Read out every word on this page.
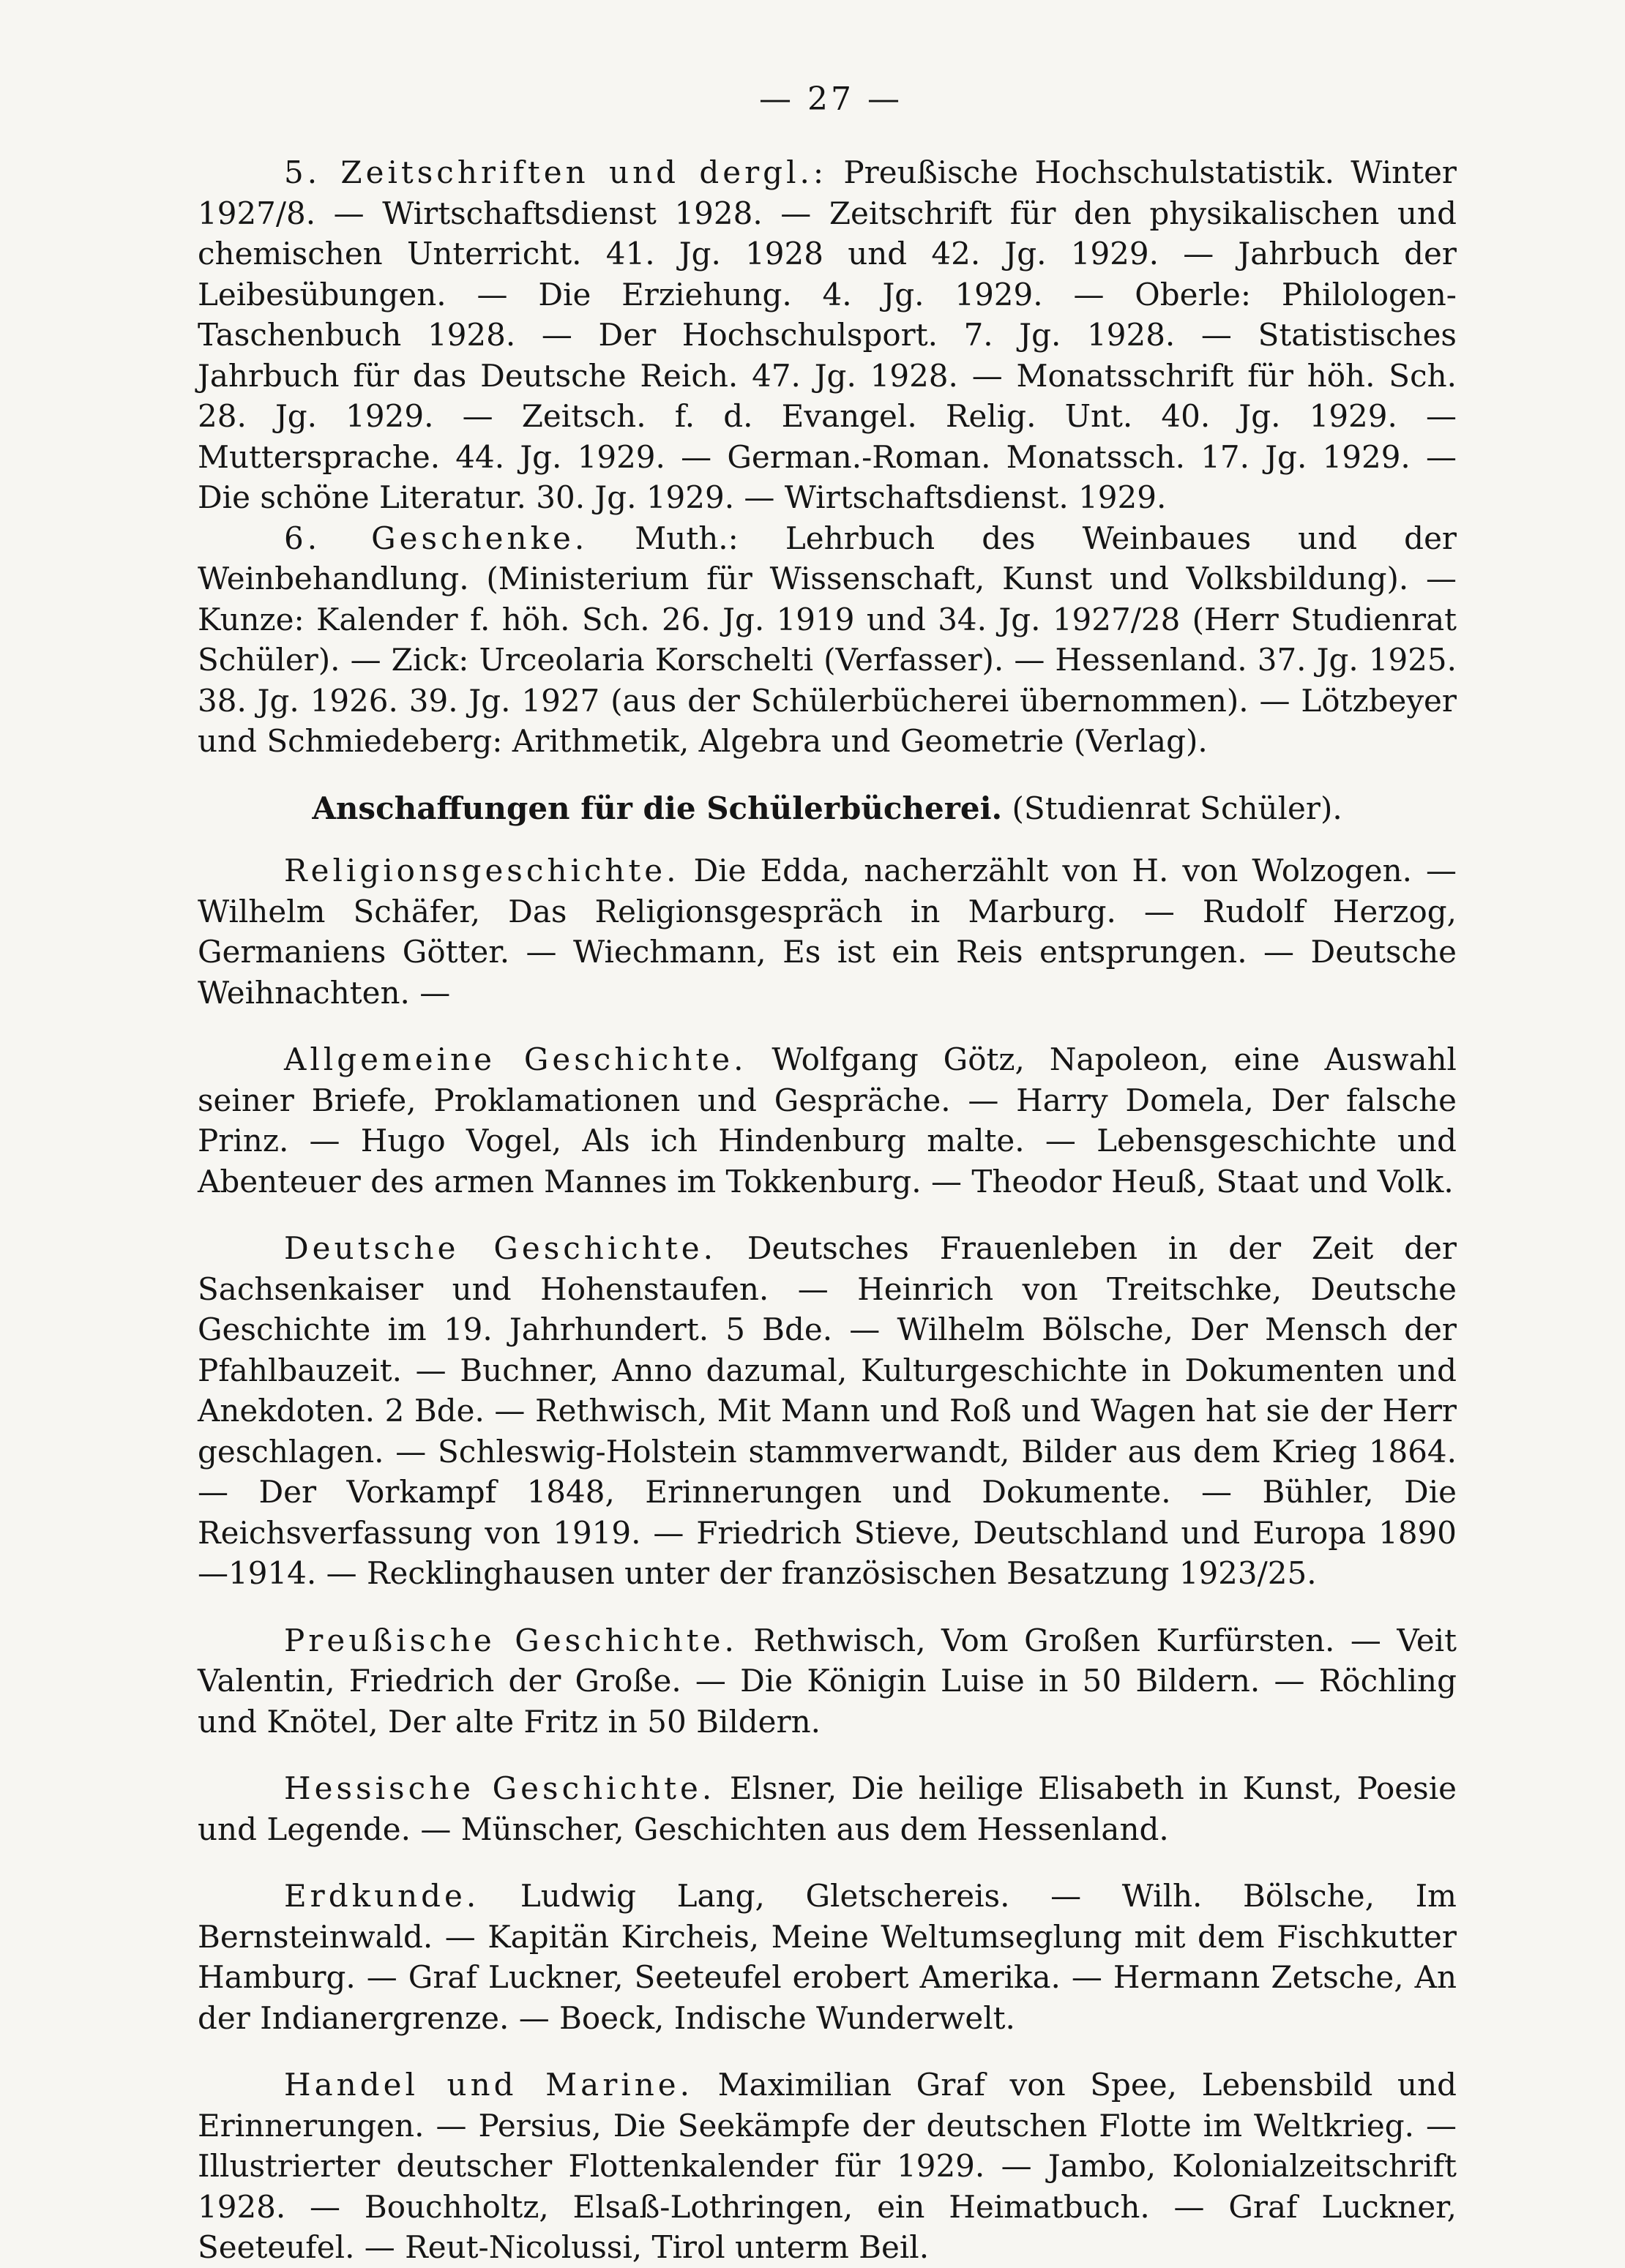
— 27 —

5. Zeitschriften und dergl.: Preußische Hochschulstatistik. Winter 1927/8. — Wirtschaftsdienst 1928. — Zeitschrift für den physikalischen und chemischen Unterricht. 41. Jg. 1928 und 42. Jg. 1929. — Jahrbuch der Leibesübungen. — Die Erziehung. 4. Jg. 1929. — Oberle: Philologen-Taschenbuch 1928. — Der Hochschulsport. 7. Jg. 1928. — Statistisches Jahrbuch für das Deutsche Reich. 47. Jg. 1928. — Monatsschrift für höh. Sch. 28. Jg. 1929. — Zeitsch. f. d. Evangel. Relig. Unt. 40. Jg. 1929. — Muttersprache. 44. Jg. 1929. — German.-Roman. Monatssch. 17. Jg. 1929. — Die schöne Literatur. 30. Jg. 1929. — Wirtschaftsdienst. 1929.

6. Geschenke. Muth.: Lehrbuch des Weinbaues und der Weinbehandlung. (Ministerium für Wissenschaft, Kunst und Volksbildung). — Kunze: Kalender f. höh. Sch. 26. Jg. 1919 und 34. Jg. 1927/28 (Herr Studienrat Schüler). — Zick: Urceolaria Korschelti (Verfasser). — Hessenland. 37. Jg. 1925. 38. Jg. 1926. 39. Jg. 1927 (aus der Schülerbücherei übernommen). — Lötzbeyer und Schmiedeberg: Arithmetik, Algebra und Geometrie (Verlag).

Anschaffungen für die Schülerbücherei. (Studienrat Schüler).

Religionsgeschichte. Die Edda, nacherzählt von H. von Wolzogen. — Wilhelm Schäfer, Das Religionsgespräch in Marburg. — Rudolf Herzog, Germaniens Götter. — Wiechmann, Es ist ein Reis entsprungen. — Deutsche Weihnachten. —

Allgemeine Geschichte. Wolfgang Götz, Napoleon, eine Auswahl seiner Briefe, Proklamationen und Gespräche. — Harry Domela, Der falsche Prinz. — Hugo Vogel, Als ich Hindenburg malte. — Lebensgeschichte und Abenteuer des armen Mannes im Tokkenburg. — Theodor Heuß, Staat und Volk.

Deutsche Geschichte. Deutsches Frauenleben in der Zeit der Sachsenkaiser und Hohenstaufen. — Heinrich von Treitschke, Deutsche Geschichte im 19. Jahrhundert. 5 Bde. — Wilhelm Bölsche, Der Mensch der Pfahlbauzeit. — Buchner, Anno dazumal, Kulturgeschichte in Dokumenten und Anekdoten. 2 Bde. — Rethwisch, Mit Mann und Roß und Wagen hat sie der Herr geschlagen. — Schleswig-Holstein stammverwandt, Bilder aus dem Krieg 1864. — Der Vorkampf 1848, Erinnerungen und Dokumente. — Bühler, Die Reichsverfassung von 1919. — Friedrich Stieve, Deutschland und Europa 1890—1914. — Recklinghausen unter der französischen Besatzung 1923/25.

Preußische Geschichte. Rethwisch, Vom Großen Kurfürsten. — Veit Valentin, Friedrich der Große. — Die Königin Luise in 50 Bildern. — Röchling und Knötel, Der alte Fritz in 50 Bildern.

Hessische Geschichte. Elsner, Die heilige Elisabeth in Kunst, Poesie und Legende. — Münscher, Geschichten aus dem Hessenland.

Erdkunde. Ludwig Lang, Gletschereis. — Wilh. Bölsche, Im Bernsteinwald. — Kapitän Kircheis, Meine Weltumseglung mit dem Fischkutter Hamburg. — Graf Luckner, Seeteufel erobert Amerika. — Hermann Zetsche, An der Indianergrenze. — Boeck, Indische Wunderwelt.

Handel und Marine. Maximilian Graf von Spee, Lebensbild und Erinnerungen. — Persius, Die Seekämpfe der deutschen Flotte im Weltkrieg. — Illustrierter deutscher Flottenkalender für 1929. — Jambo, Kolonialzeitschrift 1928. — Bouchholtz, Elsaß-Lothringen, ein Heimatbuch. — Graf Luckner, Seeteufel. — Reut-Nicolussi, Tirol unterm Beil.
